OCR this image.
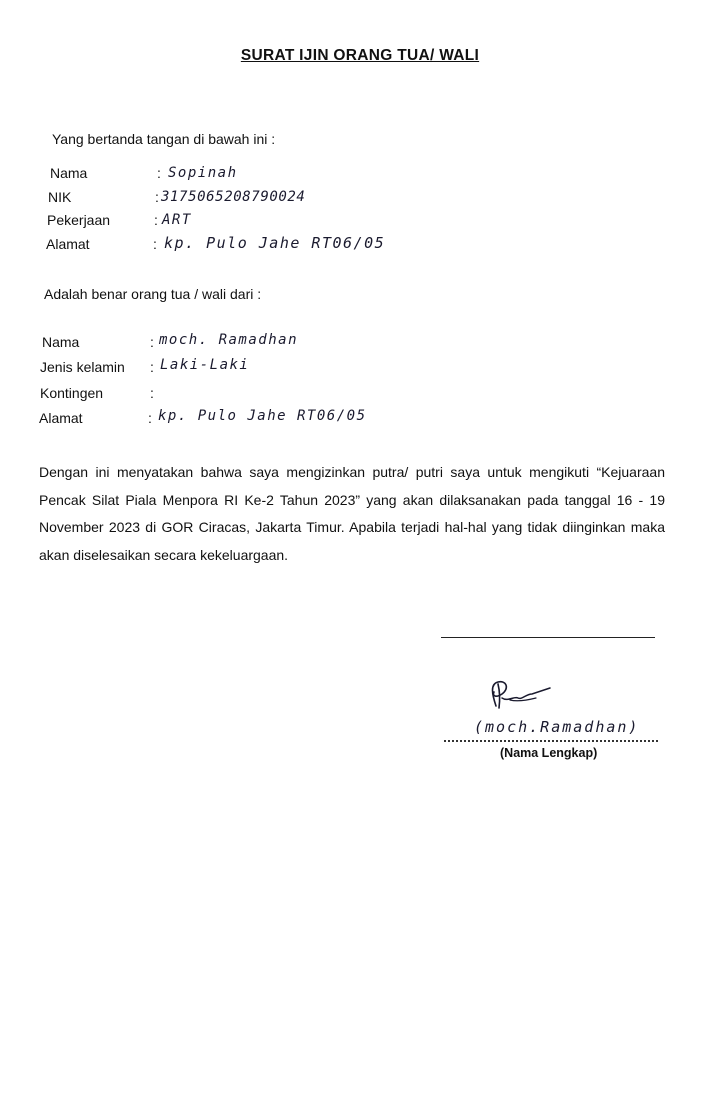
SURAT IJIN ORANG TUA/ WALI
Yang bertanda tangan di bawah ini :
Nama	: Sopinah
NIK	: 3175065208790024
Pekerjaan	: ART
Alamat	: kp. Pulo Jahe RT06/05
Adalah benar orang tua / wali dari :
Nama	: moch. Ramadhan
Jenis kelamin : Laki-Laki
Kontingen	:
Alamat	: kp. Pulo Jahe RT06/05
Dengan ini menyatakan bahwa saya mengizinkan putra/ putri saya untuk mengikuti “Kejuaraan Pencak Silat Piala Menpora RI Ke-2 Tahun 2023” yang akan dilaksanakan pada tanggal 16 - 19 November 2023 di GOR Ciracas, Jakarta Timur. Apabila terjadi hal-hal yang tidak diinginkan maka akan diselesaikan secara kekeluargaan.
(moch.Ramadhan)
(Nama Lengkap)
